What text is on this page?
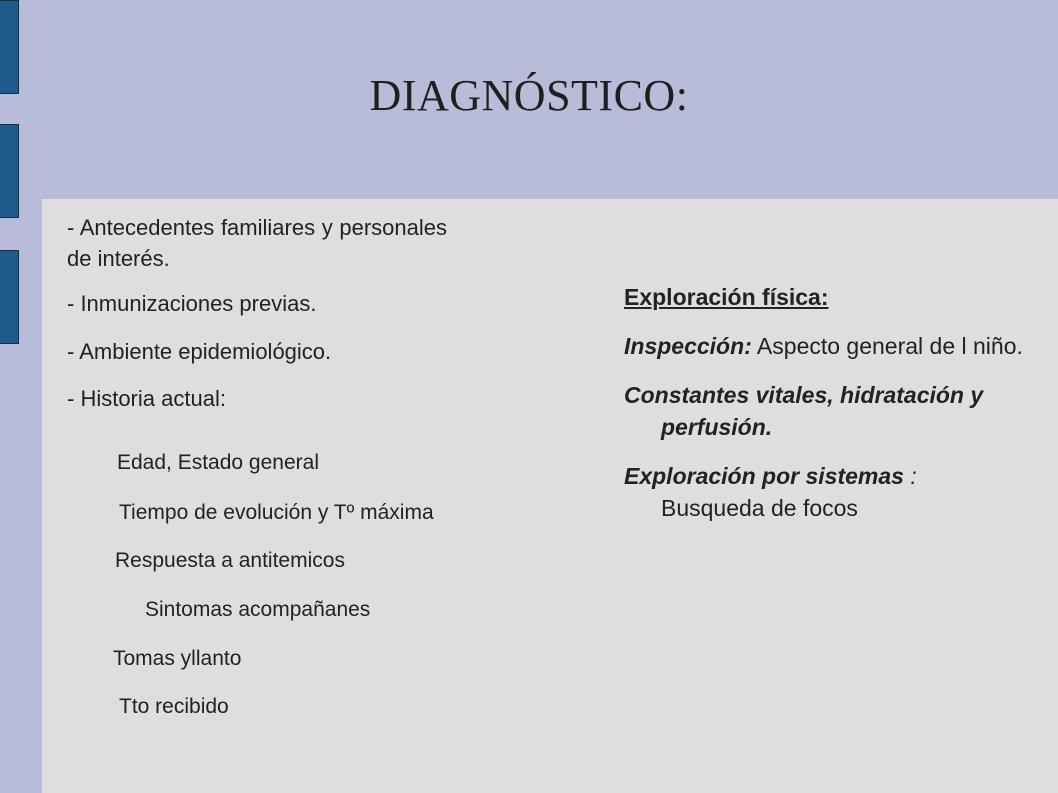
DIAGNÓSTICO:

- Antecedentes familiares y personales de interés.

- Inmunizaciones previas.

- Ambiente epidemiológico.

- Historia actual:

Edad, Estado general
Tiempo de evolución y Tº máxima
Respuesta a antitemicos
Sintomas acompañanes
Tomas yllanto
Tto recibido

Exploración física:

Inspección: Aspecto general de l niño.

Constantes vitales, hidratación y perfusión.

Exploración por sistemas : Busqueda de focos
